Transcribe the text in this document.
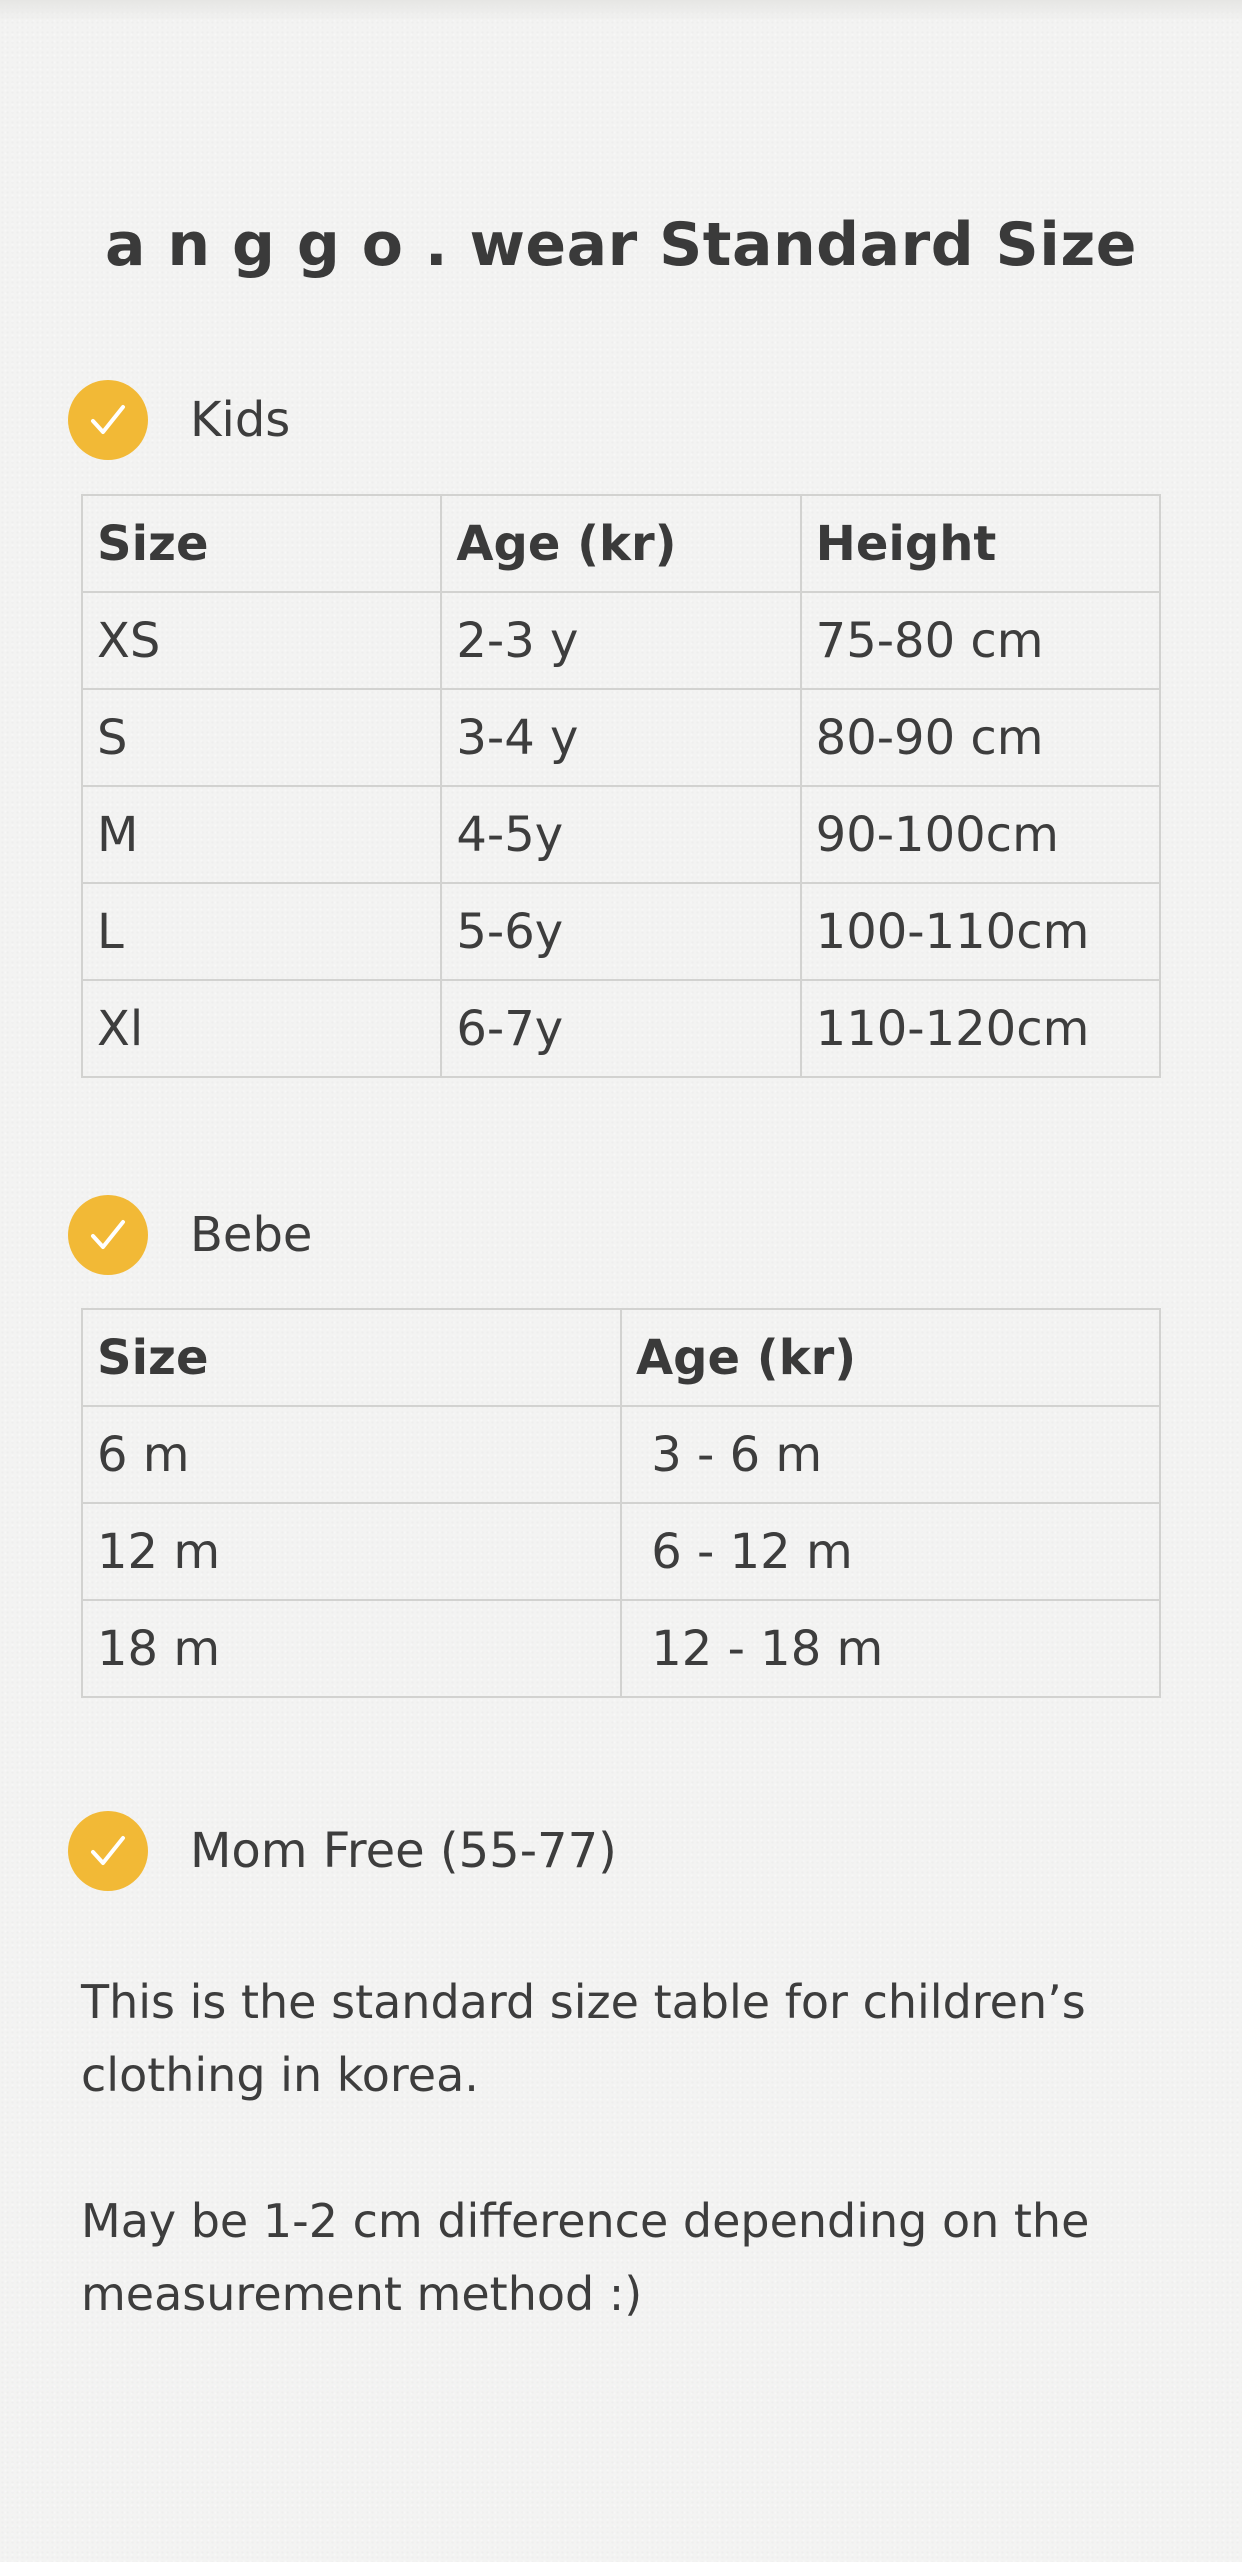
a n g g o . wear Standard Size
Kids
Size	Age (kr)	Height
XS	2-3 y	75-80 cm
S	3-4 y	80-90 cm
M	4-5y	90-100cm
L	5-6y	100-110cm
Xl	6-7y	110-120cm
Bebe
Size	Age (kr)
6 m	3 - 6 m
12 m	6 - 12 m
18 m	12 - 18 m
Mom Free (55-77)
This is the standard size table for children’s clothing in korea.
May be 1-2 cm difference depending on the measurement method :)
